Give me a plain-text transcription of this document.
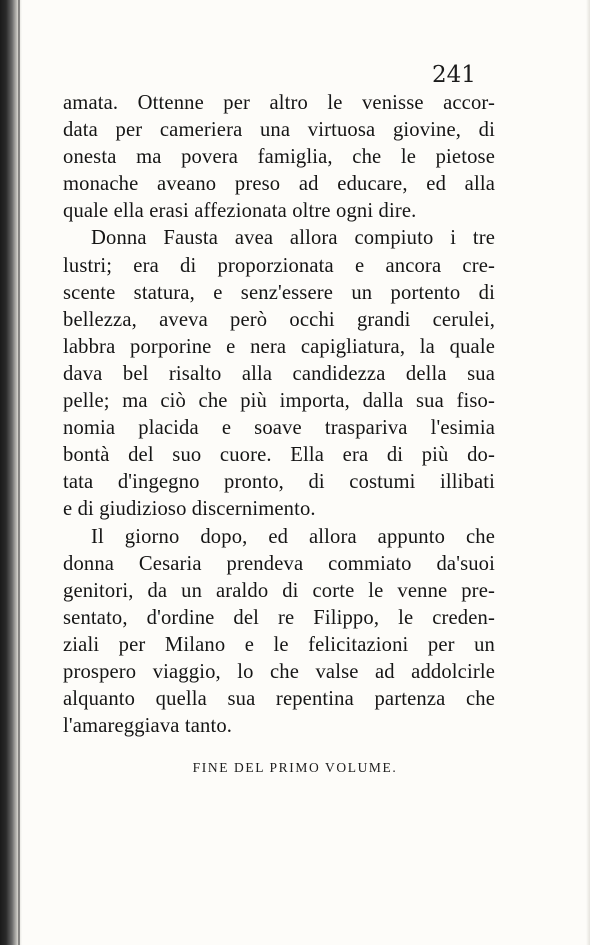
241
amata. Ottenne per altro le venisse accor-
data per cameriera una virtuosa giovine, di
onesta ma povera famiglia, che le pietose
monache aveano preso ad educare, ed alla
quale ella erasi affezionata oltre ogni dire.
Donna Fausta avea allora compiuto i tre
lustri; era di proporzionata e ancora cre-
scente statura, e senz'essere un portento di
bellezza, aveva però occhi grandi cerulei,
labbra porporine e nera capigliatura, la quale
dava bel risalto alla candidezza della sua
pelle; ma ciò che più importa, dalla sua fiso-
nomia placida e soave traspariva l'esimia
bontà del suo cuore. Ella era di più do-
tata d'ingegno pronto, di costumi illibati
e di giudizioso discernimento.
Il giorno dopo, ed allora appunto che
donna Cesaria prendeva commiato da'suoi
genitori, da un araldo di corte le venne pre-
sentato, d'ordine del re Filippo, le creden-
ziali per Milano e le felicitazioni per un
prospero viaggio, lo che valse ad addolcirle
alquanto quella sua repentina partenza che
l'amareggiava tanto.
FINE DEL PRIMO VOLUME.
